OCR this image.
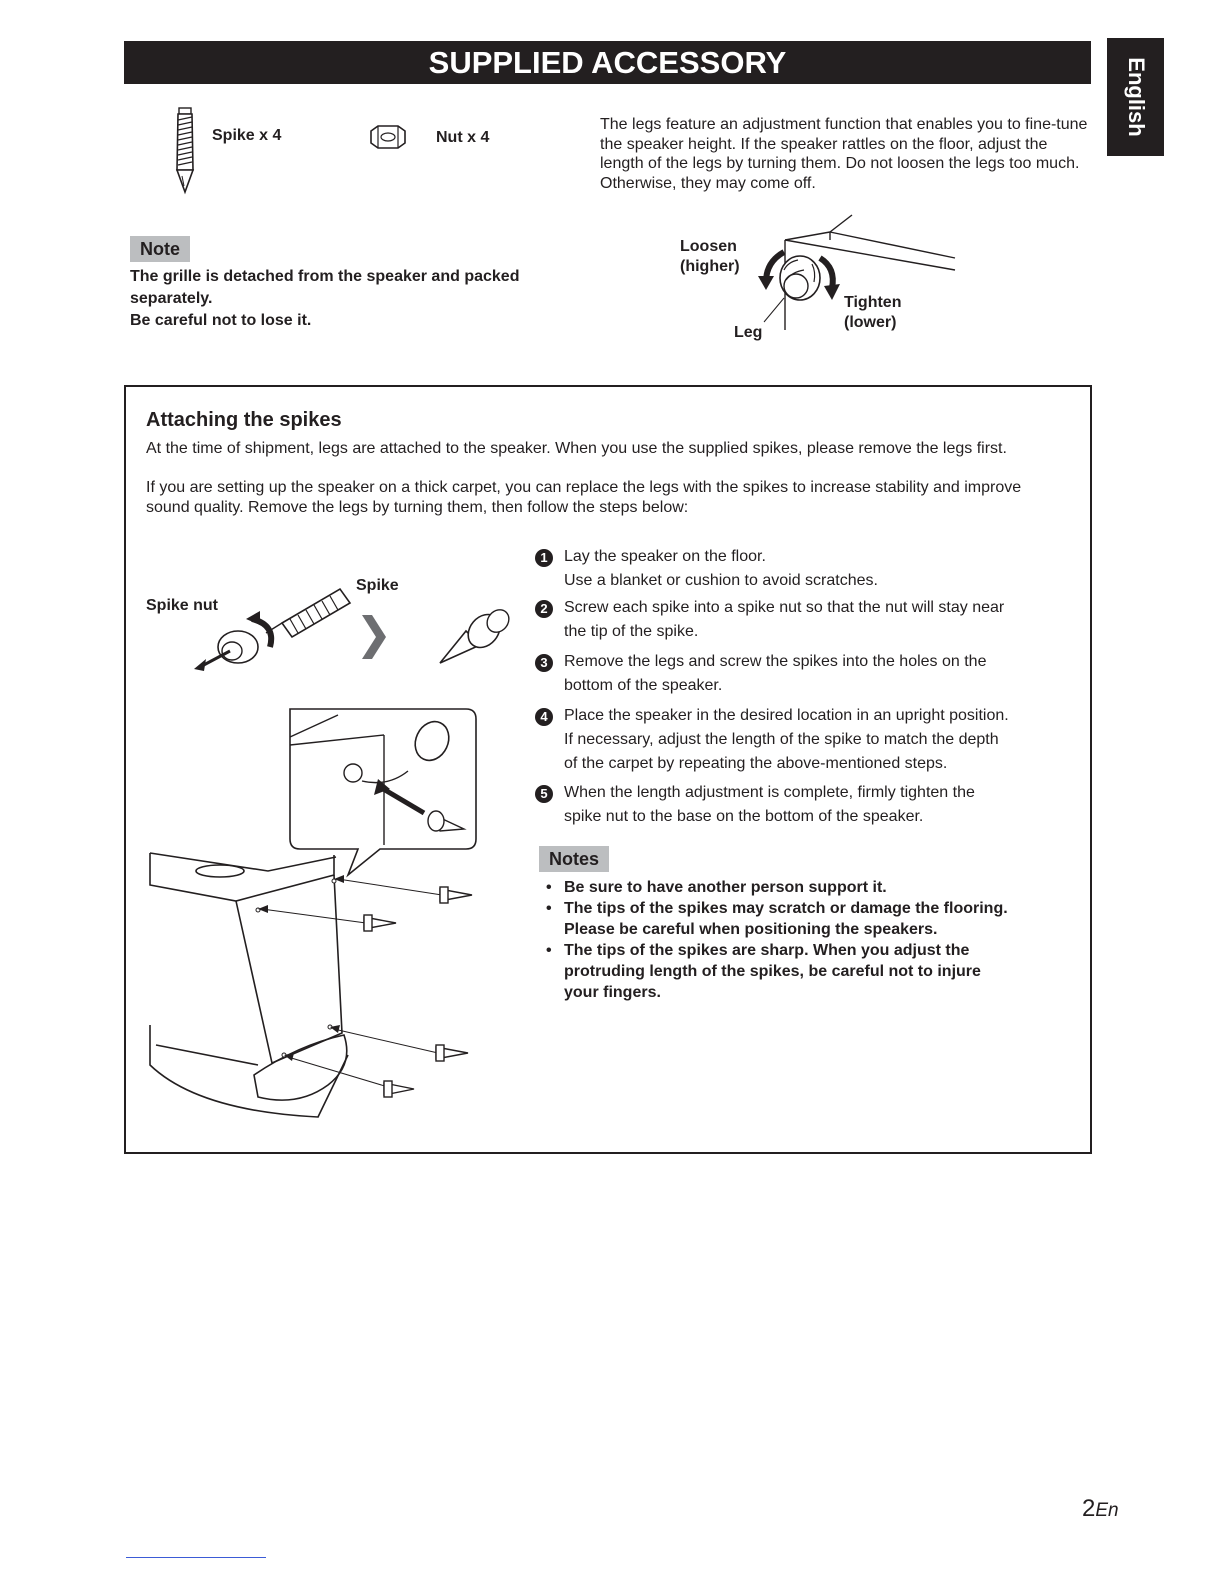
SUPPLIED ACCESSORY	English
Spike x 4	Nut x 4
The legs feature an adjustment function that enables you to fine-tune the speaker height. If the speaker rattles on the floor, adjust the length of the legs by turning them. Do not loosen the legs too much. Otherwise, they may come off.
Note
The grille is detached from the speaker and packed
separately.
Be careful not to lose it.
Loosen
(higher)
Tighten
(lower)
Leg
Attaching the spikes
At the time of shipment, legs are attached to the speaker. When you use the supplied spikes, please remove the legs first.
If you are setting up the speaker on a thick carpet, you can replace the legs with the spikes to increase stability and improve sound quality. Remove the legs by turning them, then follow the steps below:
Spike nut
Spike
1	Lay the speaker on the floor.
Use a blanket or cushion to avoid scratches.
2	Screw each spike into a spike nut so that the nut will stay near
the tip of the spike.
3	Remove the legs and screw the spikes into the holes on the
bottom of the speaker.
4	Place the speaker in the desired location in an upright position.
If necessary, adjust the length of the spike to match the depth
of the carpet by repeating the above-mentioned steps.
5	When the length adjustment is complete, firmly tighten the
spike nut to the base on the bottom of the speaker.
Notes
• Be sure to have another person support it.
• The tips of the spikes may scratch or damage the flooring.
Please be careful when positioning the speakers.
• The tips of the spikes are sharp. When you adjust the
protruding length of the spikes, be careful not to injure
your fingers.
2En
